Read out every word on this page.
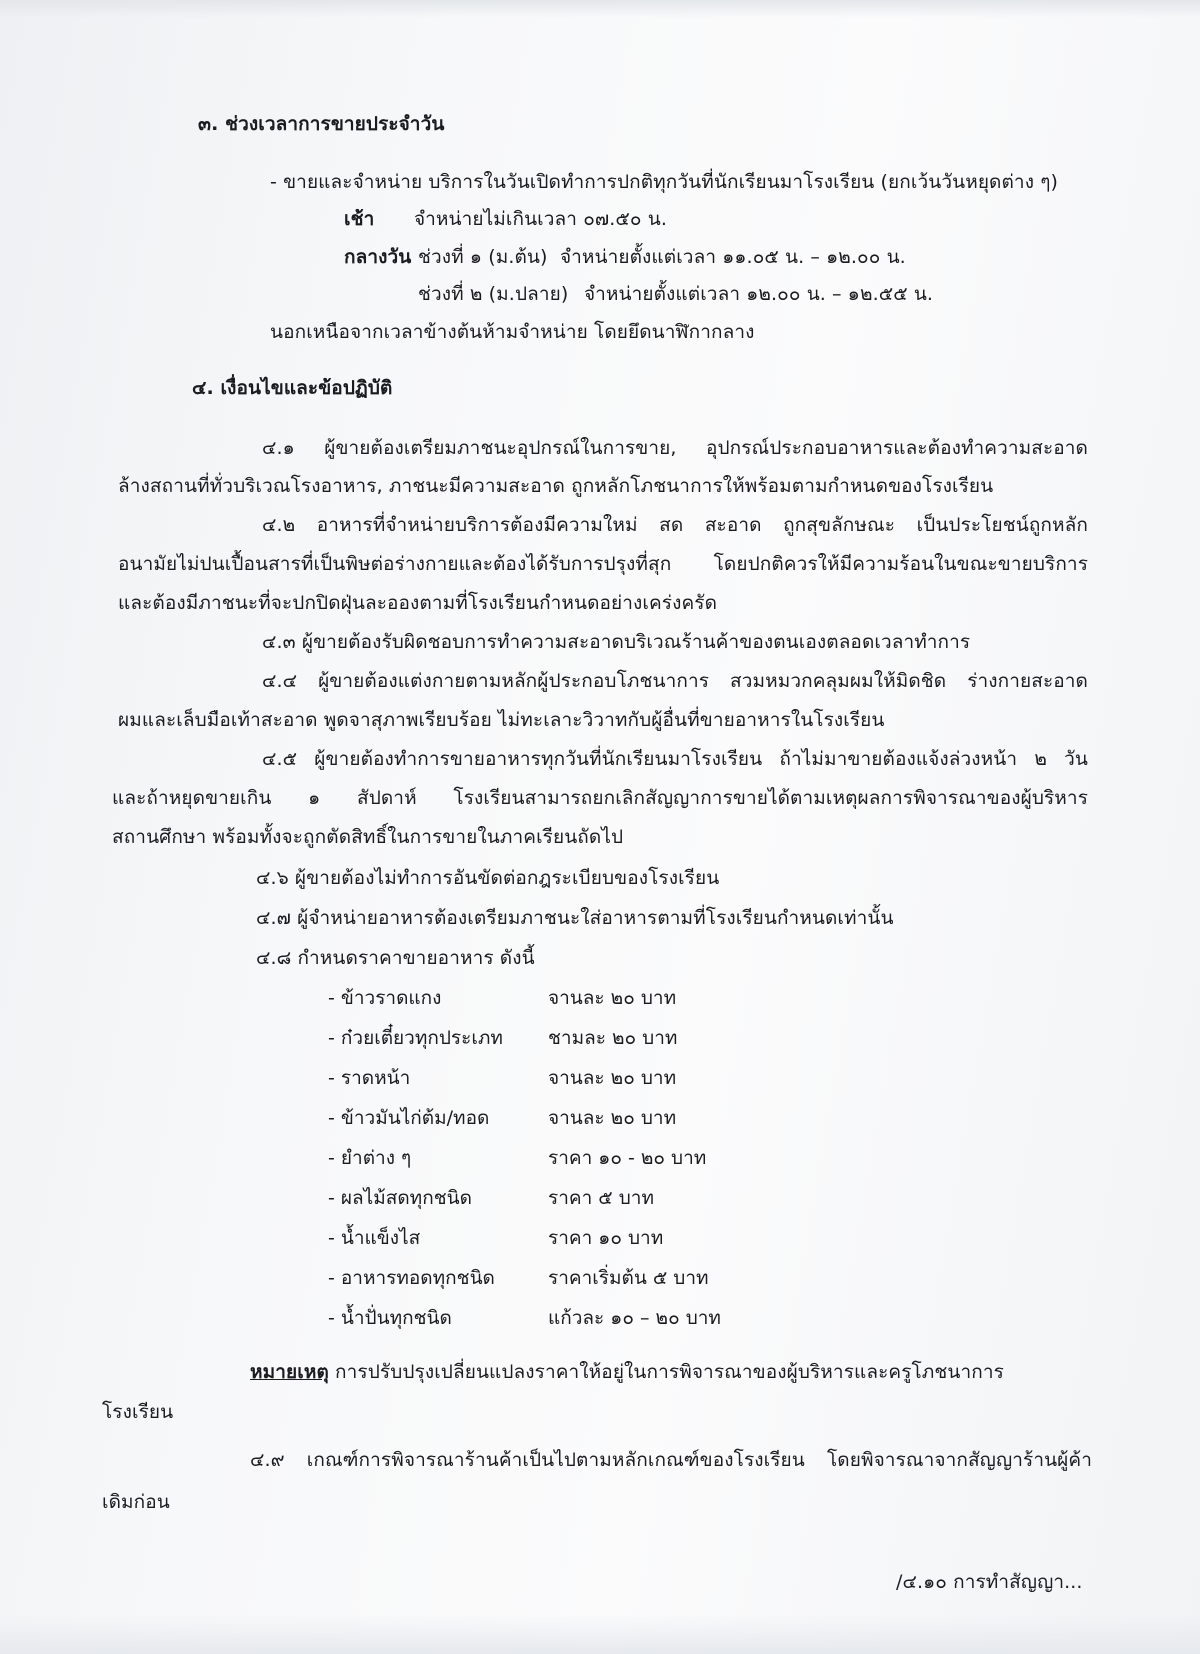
๓. ช่วงเวลาการขายประจำวัน
- ขายและจำหน่าย บริการในวันเปิดทำการปกติทุกวันที่นักเรียนมาโรงเรียน (ยกเว้นวันหยุดต่าง ๆ)
เช้า จำหน่ายไม่เกินเวลา ๐๗.๕๐ น.
กลางวัน ช่วงที่ ๑ (ม.ต้น) จำหน่ายตั้งแต่เวลา ๑๑.๐๕ น. – ๑๒.๐๐ น.
ช่วงที่ ๒ (ม.ปลาย) จำหน่ายตั้งแต่เวลา ๑๒.๐๐ น. – ๑๒.๕๕ น.
นอกเหนือจากเวลาข้างต้นห้ามจำหน่าย โดยยึดนาฬิกากลาง
๔. เงื่อนไขและข้อปฏิบัติ
๔.๑ ผู้ขายต้องเตรียมภาชนะอุปกรณ์ในการขาย, อุปกรณ์ประกอบอาหารและต้องทำความสะอาด
ล้างสถานที่ทั่วบริเวณโรงอาหาร, ภาชนะมีความสะอาด ถูกหลักโภชนาการให้พร้อมตามกำหนดของโรงเรียน
๔.๒ อาหารที่จำหน่ายบริการต้องมีความใหม่ สด สะอาด ถูกสุขลักษณะ เป็นประโยชน์ถูกหลัก
อนามัยไม่ปนเปื้อนสารที่เป็นพิษต่อร่างกายและต้องได้รับการปรุงที่สุก โดยปกติควรให้มีความร้อนในขณะขายบริการ
และต้องมีภาชนะที่จะปกปิดฝุ่นละอองตามที่โรงเรียนกำหนดอย่างเคร่งครัด
๔.๓ ผู้ขายต้องรับผิดชอบการทำความสะอาดบริเวณร้านค้าของตนเองตลอดเวลาทำการ
๔.๔ ผู้ขายต้องแต่งกายตามหลักผู้ประกอบโภชนาการ สวมหมวกคลุมผมให้มิดชิด ร่างกายสะอาด
ผมและเล็บมือเท้าสะอาด พูดจาสุภาพเรียบร้อย ไม่ทะเลาะวิวาทกับผู้อื่นที่ขายอาหารในโรงเรียน
๔.๕ ผู้ขายต้องทำการขายอาหารทุกวันที่นักเรียนมาโรงเรียน ถ้าไม่มาขายต้องแจ้งล่วงหน้า ๒ วัน
และถ้าหยุดขายเกิน ๑ สัปดาห์ โรงเรียนสามารถยกเลิกสัญญาการขายได้ตามเหตุผลการพิจารณาของผู้บริหาร
สถานศึกษา พร้อมทั้งจะถูกตัดสิทธิ์ในการขายในภาคเรียนถัดไป
๔.๖ ผู้ขายต้องไม่ทำการอันขัดต่อกฎระเบียบของโรงเรียน
๔.๗ ผู้จำหน่ายอาหารต้องเตรียมภาชนะใส่อาหารตามที่โรงเรียนกำหนดเท่านั้น
๔.๘ กำหนดราคาขายอาหาร ดังนี้
- ข้าวราดแกง	จานละ ๒๐ บาท
- ก๋วยเตี๋ยวทุกประเภท ชามละ ๒๐ บาท
- ราดหน้า	จานละ ๒๐ บาท
- ข้าวมันไก่ต้ม/ทอด	จานละ ๒๐ บาท
- ยำต่าง ๆ	ราคา ๑๐ - ๒๐ บาท
- ผลไม้สดทุกชนิด	ราคา ๕ บาท
- น้ำแข็งไส	ราคา ๑๐ บาท
- อาหารทอดทุกชนิด	ราคาเริ่มต้น ๕ บาท
- น้ำปั่นทุกชนิด	แก้วละ ๑๐ – ๒๐ บาท
หมายเหตุ การปรับปรุงเปลี่ยนแปลงราคาให้อยู่ในการพิจารณาของผู้บริหารและครูโภชนาการ
โรงเรียน
๔.๙ เกณฑ์การพิจารณาร้านค้าเป็นไปตามหลักเกณฑ์ของโรงเรียน โดยพิจารณาจากสัญญาร้านผู้ค้า
เดิมก่อน
/๔.๑๐ การทำสัญญา...
